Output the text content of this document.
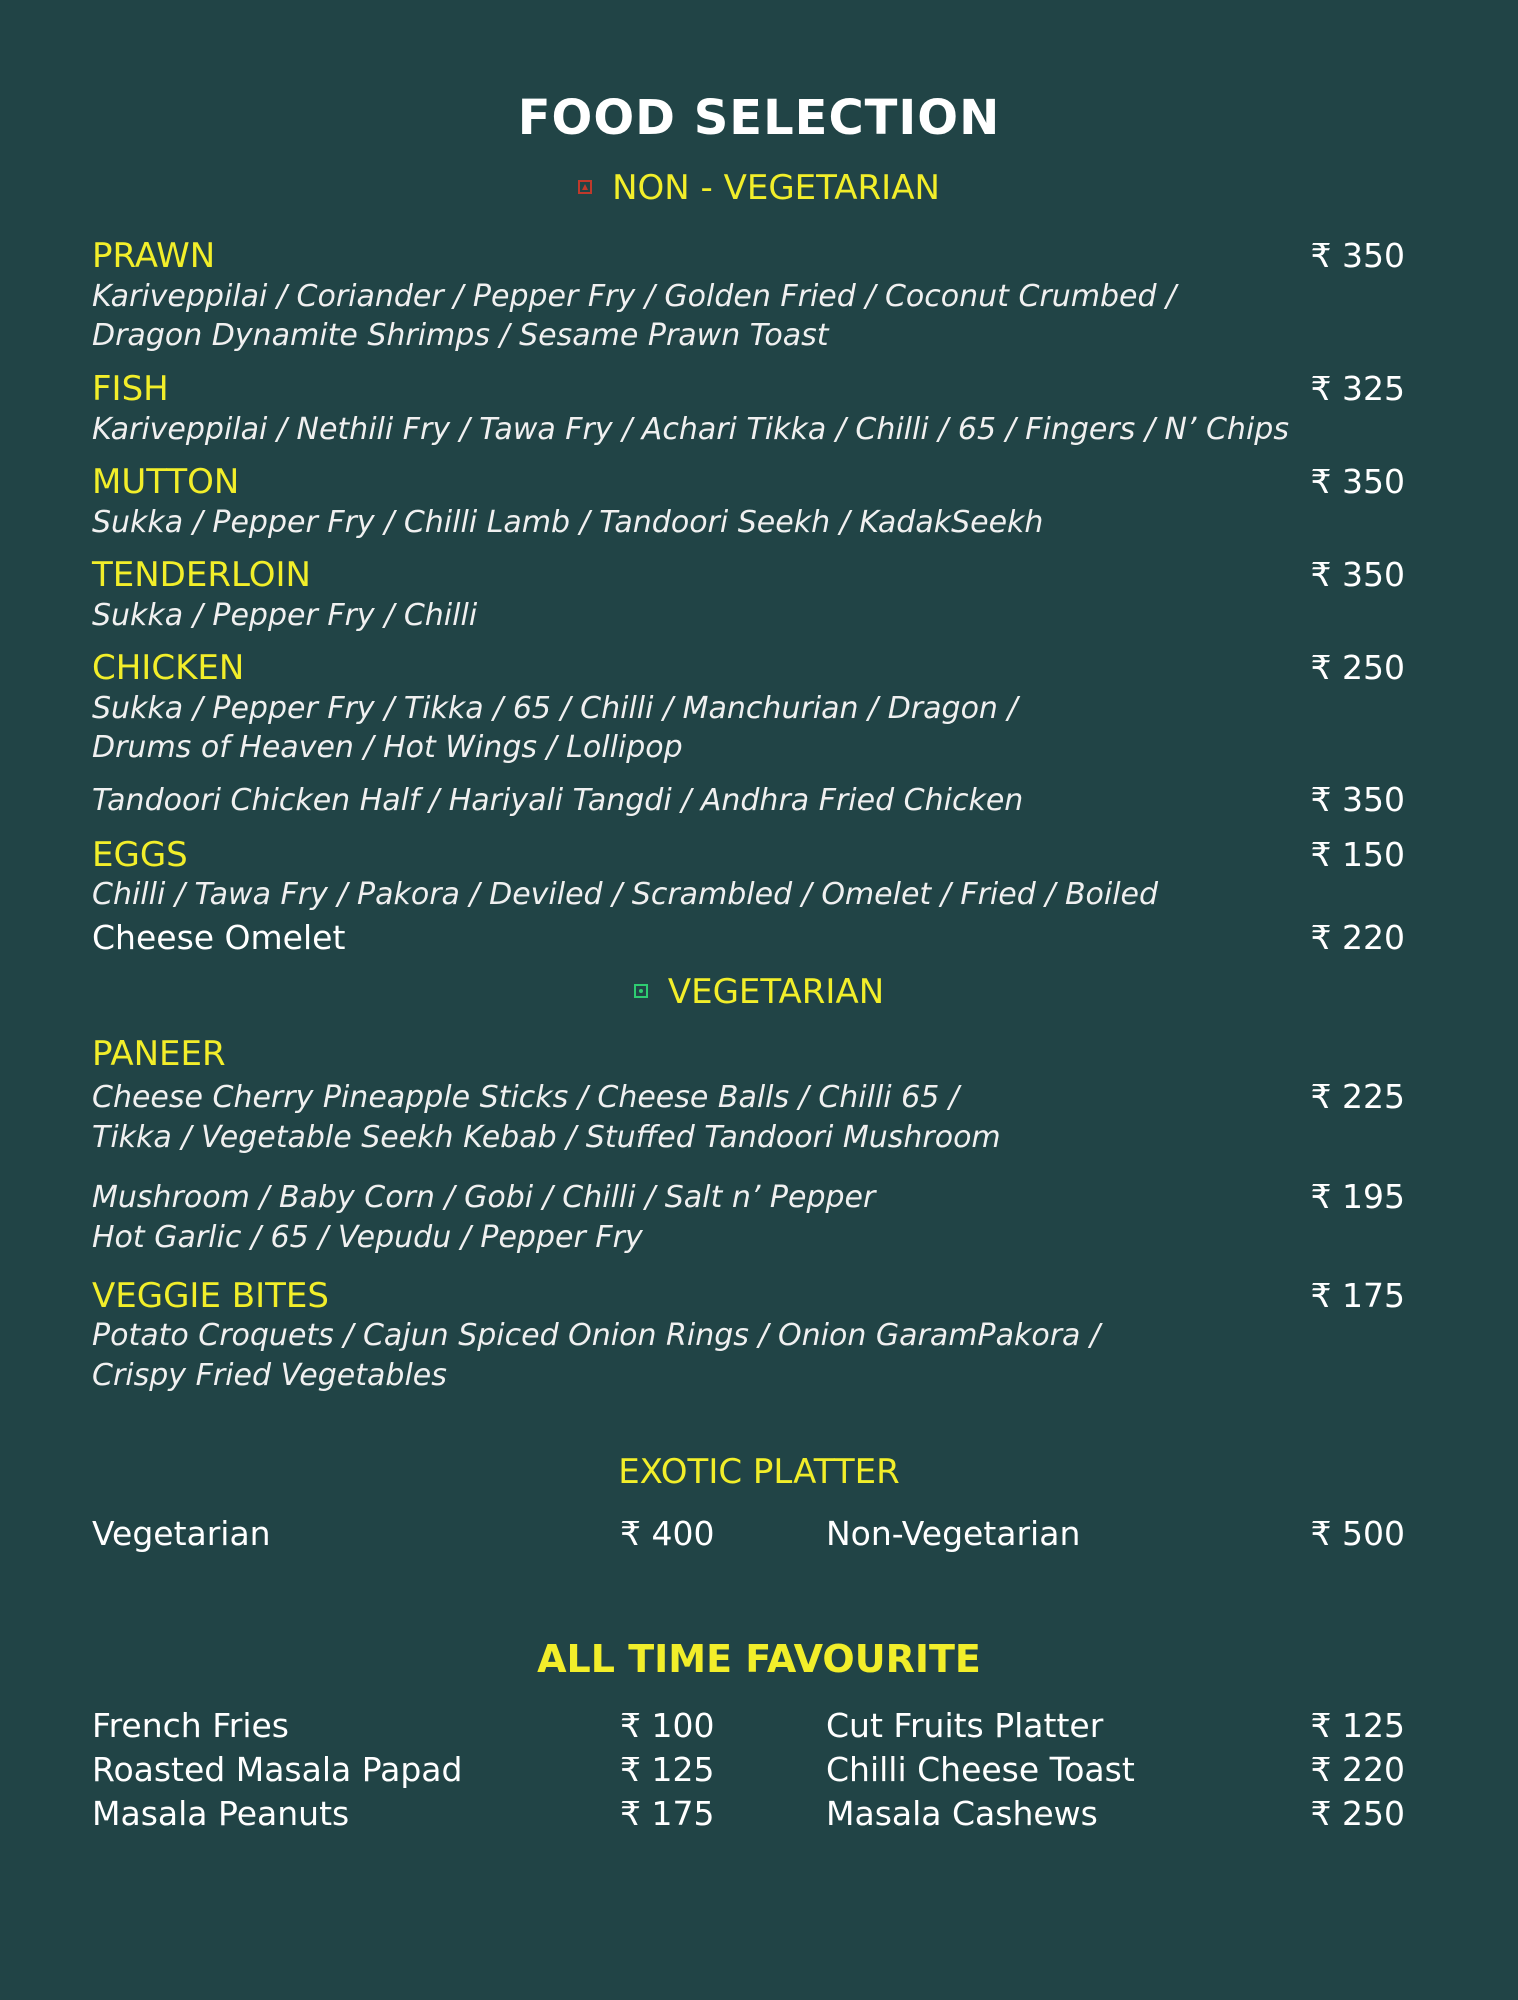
FOOD SELECTION
NON - VEGETARIAN
PRAWN	₹ 350
Kariveppilai / Coriander / Pepper Fry / Golden Fried / Coconut Crumbed /
Dragon Dynamite Shrimps / Sesame Prawn Toast
FISH	₹ 325
Kariveppilai / Nethili Fry / Tawa Fry / Achari Tikka / Chilli / 65 / Fingers / N’ Chips
MUTTON	₹ 350
Sukka / Pepper Fry / Chilli Lamb / Tandoori Seekh / KadakSeekh
TENDERLOIN	₹ 350
Sukka / Pepper Fry / Chilli
CHICKEN	₹ 250
Sukka / Pepper Fry / Tikka / 65 / Chilli / Manchurian / Dragon /
Drums of Heaven / Hot Wings / Lollipop
Tandoori Chicken Half / Hariyali Tangdi / Andhra Fried Chicken	₹ 350
EGGS	₹ 150
Chilli / Tawa Fry / Pakora / Deviled / Scrambled / Omelet / Fried / Boiled
Cheese Omelet	₹ 220
VEGETARIAN
PANEER
Cheese Cherry Pineapple Sticks / Cheese Balls / Chilli 65 /	₹ 225
Tikka / Vegetable Seekh Kebab / Stuffed Tandoori Mushroom
Mushroom / Baby Corn / Gobi / Chilli / Salt n’ Pepper	₹ 195
Hot Garlic / 65 / Vepudu / Pepper Fry
VEGGIE BITES	₹ 175
Potato Croquets / Cajun Spiced Onion Rings / Onion GaramPakora /
Crispy Fried Vegetables
EXOTIC PLATTER
Vegetarian	₹ 400	Non-Vegetarian	₹ 500
ALL TIME FAVOURITE
French Fries	₹ 100	Cut Fruits Platter	₹ 125
Roasted Masala Papad	₹ 125	Chilli Cheese Toast	₹ 220
Masala Peanuts	₹ 175	Masala Cashews	₹ 250
